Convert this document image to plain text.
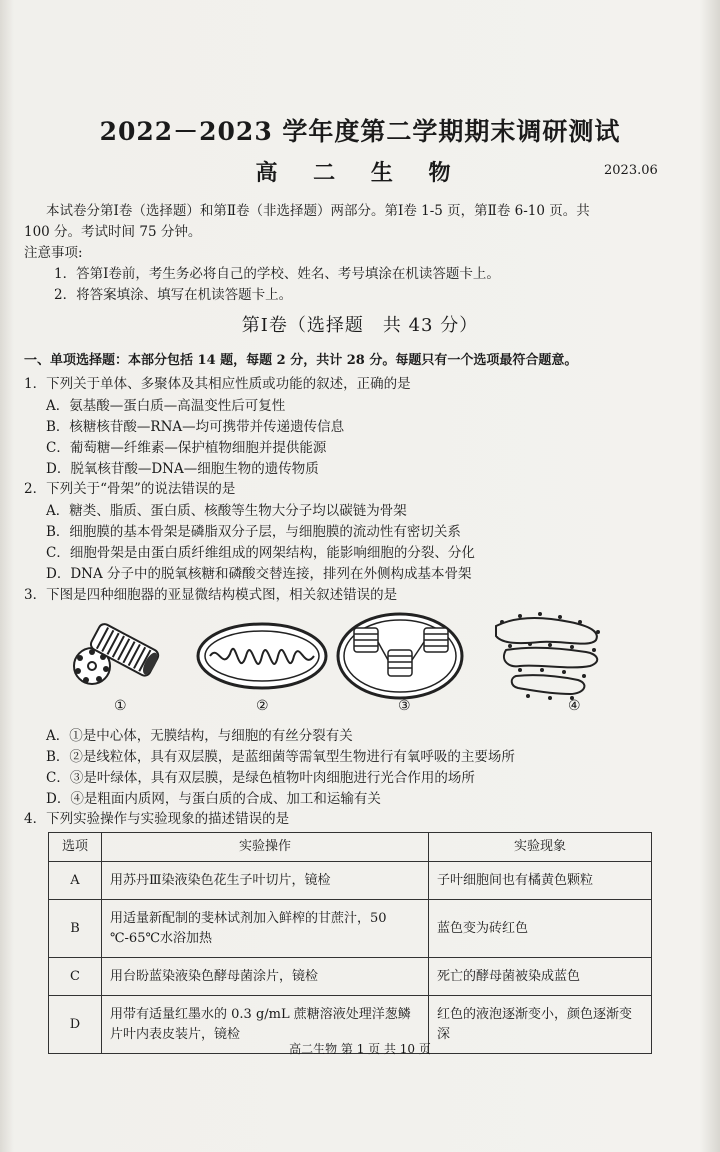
2022－2023 学年度第二学期期末调研测试
高 二 生 物	2023.06
本试卷分第Ⅰ卷（选择题）和第Ⅱ卷（非选择题）两部分。第Ⅰ卷 1-5 页，第Ⅱ卷 6-10 页。共
100 分。考试时间 75 分钟。
注意事项:
1．答第Ⅰ卷前，考生务必将自己的学校、姓名、考号填涂在机读答题卡上。
2．将答案填涂、填写在机读答题卡上。
第Ⅰ卷（选择题　共 43 分）
一、单项选择题：本部分包括 14 题，每题 2 分，共计 28 分。每题只有一个选项最符合题意。
1．下列关于单体、多聚体及其相应性质或功能的叙述，正确的是
A．氨基酸—蛋白质—高温变性后可复性
B．核糖核苷酸—RNA—均可携带并传递遗传信息
C．葡萄糖—纤维素—保护植物细胞并提供能源
D．脱氧核苷酸—DNA—细胞生物的遗传物质
2．下列关于“骨架”的说法错误的是
A．糖类、脂质、蛋白质、核酸等生物大分子均以碳链为骨架
B．细胞膜的基本骨架是磷脂双分子层，与细胞膜的流动性有密切关系
C．细胞骨架是由蛋白质纤维组成的网架结构，能影响细胞的分裂、分化
D．DNA 分子中的脱氧核糖和磷酸交替连接，排列在外侧构成基本骨架
3．下图是四种细胞器的亚显微结构模式图，相关叙述错误的是
①	②	③	④
A．①是中心体，无膜结构，与细胞的有丝分裂有关
B．②是线粒体，具有双层膜，是蓝细菌等需氧型生物进行有氧呼吸的主要场所
C．③是叶绿体，具有双层膜，是绿色植物叶肉细胞进行光合作用的场所
D．④是粗面内质网，与蛋白质的合成、加工和运输有关
4．下列实验操作与实验现象的描述错误的是
选项	实验操作	实验现象
A	用苏丹Ⅲ染液染色花生子叶切片，镜检	子叶细胞间也有橘黄色颗粒
B	用适量新配制的斐林试剂加入鲜榨的甘蔗汁，50 ℃-65℃水浴加热	蓝色变为砖红色
C	用台盼蓝染液染色酵母菌涂片，镜检	死亡的酵母菌被染成蓝色
D	用带有适量红墨水的 0.3 g/mL 蔗糖溶液处理洋葱鳞片叶内表皮装片，镜检	红色的液泡逐渐变小，颜色逐渐变深
高二生物 第 1 页 共 10 页
